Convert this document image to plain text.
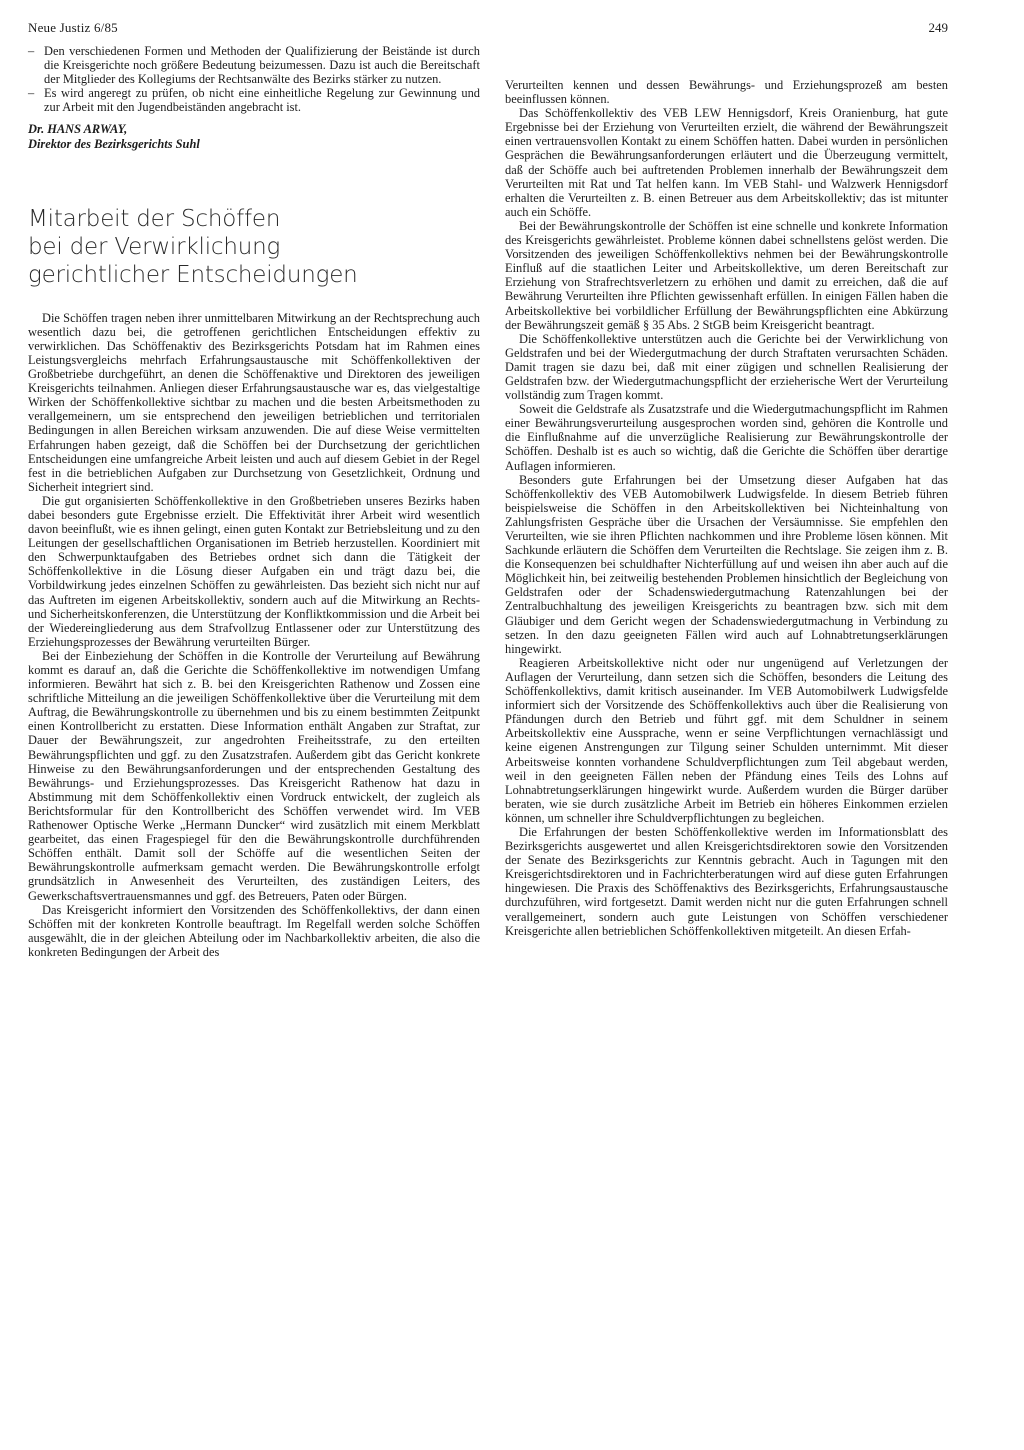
Neue Justiz 6/85	249
– Den verschiedenen Formen und Methoden der Qualifizierung der Beistände ist durch die Kreisgerichte noch größere Bedeutung beizumessen. Dazu ist auch die Bereitschaft der Mitglieder des Kollegiums der Rechtsanwälte des Bezirks stärker zu nutzen.
– Es wird angeregt zu prüfen, ob nicht eine einheitliche Regelung zur Gewinnung und zur Arbeit mit den Jugendbeiständen angebracht ist.
Dr. HANS ARWAY,
Direktor des Bezirksgerichts Suhl
Mitarbeit der Schöffen
bei der Verwirklichung
gerichtlicher Entscheidungen

Die Schöffen tragen neben ihrer unmittelbaren Mitwirkung an der Rechtsprechung auch wesentlich dazu bei, die getroffenen gerichtlichen Entscheidungen effektiv zu verwirklichen. Das Schöffenaktiv des Bezirksgerichts Potsdam hat im Rahmen eines Leistungsvergleichs mehrfach Erfahrungsaustausche mit Schöffenkollektiven der Großbetriebe durchgeführt, an denen die Schöffenaktive und Direktoren des jeweiligen Kreisgerichts teilnahmen. Anliegen dieser Erfahrungsaustausche war es, das vielgestaltige Wirken der Schöffenkollektive sichtbar zu machen und die besten Arbeitsmethoden zu verallgemeinern, um sie entsprechend den jeweiligen betrieblichen und territorialen Bedingungen in allen Bereichen wirksam anzuwenden. Die auf diese Weise vermittelten Erfahrungen haben gezeigt, daß die Schöffen bei der Durchsetzung der gerichtlichen Entscheidungen eine umfangreiche Arbeit leisten und auch auf diesem Gebiet in der Regel fest in die betrieblichen Aufgaben zur Durchsetzung von Gesetzlichkeit, Ordnung und Sicherheit integriert sind.

Die gut organisierten Schöffenkollektive in den Großbetrieben unseres Bezirks haben dabei besonders gute Ergebnisse erzielt. Die Effektivität ihrer Arbeit wird wesentlich davon beeinflußt, wie es ihnen gelingt, einen guten Kontakt zur Betriebsleitung und zu den Leitungen der gesellschaftlichen Organisationen im Betrieb herzustellen. Koordiniert mit den Schwerpunktaufgaben des Betriebes ordnet sich dann die Tätigkeit der Schöffenkollektive in die Lösung dieser Aufgaben ein und trägt dazu bei, die Vorbildwirkung jedes einzelnen Schöffen zu gewährleisten. Das bezieht sich nicht nur auf das Auftreten im eigenen Arbeitskollektiv, sondern auch auf die Mitwirkung an Rechts- und Sicherheitskonferenzen, die Unterstützung der Konfliktkommission und die Arbeit bei der Wiedereingliederung aus dem Strafvollzug Entlassener oder zur Unterstützung des Erziehungsprozesses der Bewährung verurteilten Bürger.

Bei der Einbeziehung der Schöffen in die Kontrolle der Verurteilung auf Bewährung kommt es darauf an, daß die Gerichte die Schöffenkollektive im notwendigen Umfang informieren. Bewährt hat sich z. B. bei den Kreisgerichten Rathenow und Zossen eine schriftliche Mitteilung an die jeweiligen Schöffenkollektive über die Verurteilung mit dem Auftrag, die Bewährungskontrolle zu übernehmen und bis zu einem bestimmten Zeitpunkt einen Kontrollbericht zu erstatten. Diese Information enthält Angaben zur Straftat, zur Dauer der Bewährungszeit, zur angedrohten Freiheitsstrafe, zu den erteilten Bewährungspflichten und ggf. zu den Zusatzstrafen. Außerdem gibt das Gericht konkrete Hinweise zu den Bewährungsanforderungen und der entsprechenden Gestaltung des Bewährungs- und Erziehungsprozesses. Das Kreisgericht Rathenow hat dazu in Abstimmung mit dem Schöffenkollektiv einen Vordruck entwickelt, der zugleich als Berichtsformular für den Kontrollbericht des Schöffen verwendet wird. Im VEB Rathenower Optische Werke „Hermann Duncker“ wird zusätzlich mit einem Merkblatt gearbeitet, das einen Fragespiegel für den die Bewährungskontrolle durchführenden Schöffen enthält. Damit soll der Schöffe auf die wesentlichen Seiten der Bewährungskontrolle aufmerksam gemacht werden. Die Bewährungskontrolle erfolgt grundsätzlich in Anwesenheit des Verurteilten, des zuständigen Leiters, des Gewerkschaftsvertrauensmannes und ggf. des Betreuers, Paten oder Bürgen.

Das Kreisgericht informiert den Vorsitzenden des Schöffenkollektivs, der dann einen Schöffen mit der konkreten Kontrolle beauftragt. Im Regelfall werden solche Schöffen ausgewählt, die in der gleichen Abteilung oder im Nachbarkollektiv arbeiten, die also die konkreten Bedingungen der Arbeit des

Verurteilten kennen und dessen Bewährungs- und Erziehungsprozeß am besten beeinflussen können.

Das Schöffenkollektiv des VEB LEW Hennigsdorf, Kreis Oranienburg, hat gute Ergebnisse bei der Erziehung von Verurteilten erzielt, die während der Bewährungszeit einen vertrauensvollen Kontakt zu einem Schöffen hatten. Dabei wurden in persönlichen Gesprächen die Bewährungsanforderungen erläutert und die Überzeugung vermittelt, daß der Schöffe auch bei auftretenden Problemen innerhalb der Bewährungszeit dem Verurteilten mit Rat und Tat helfen kann. Im VEB Stahl- und Walzwerk Hennigsdorf erhalten die Verurteilten z. B. einen Betreuer aus dem Arbeitskollektiv; das ist mitunter auch ein Schöffe.

Bei der Bewährungskontrolle der Schöffen ist eine schnelle und konkrete Information des Kreisgerichts gewährleistet. Probleme können dabei schnellstens gelöst werden. Die Vorsitzenden des jeweiligen Schöffenkollektivs nehmen bei der Bewährungskontrolle Einfluß auf die staatlichen Leiter und Arbeitskollektive, um deren Bereitschaft zur Erziehung von Strafrechtsverletzern zu erhöhen und damit zu erreichen, daß die auf Bewährung Verurteilten ihre Pflichten gewissenhaft erfüllen. In einigen Fällen haben die Arbeitskollektive bei vorbildlicher Erfüllung der Bewährungspflichten eine Abkürzung der Bewährungszeit gemäß § 35 Abs. 2 StGB beim Kreisgericht beantragt.

Die Schöffenkollektive unterstützen auch die Gerichte bei der Verwirklichung von Geldstrafen und bei der Wiedergutmachung der durch Straftaten verursachten Schäden. Damit tragen sie dazu bei, daß mit einer zügigen und schnellen Realisierung der Geldstrafen bzw. der Wiedergutmachungspflicht der erzieherische Wert der Verurteilung vollständig zum Tragen kommt.

Soweit die Geldstrafe als Zusatzstrafe und die Wiedergutmachungspflicht im Rahmen einer Bewährungsverurteilung ausgesprochen worden sind, gehören die Kontrolle und die Einflußnahme auf die unverzügliche Realisierung zur Bewährungskontrolle der Schöffen. Deshalb ist es auch so wichtig, daß die Gerichte die Schöffen über derartige Auflagen informieren.

Besonders gute Erfahrungen bei der Umsetzung dieser Aufgaben hat das Schöffenkollektiv des VEB Automobilwerk Ludwigsfelde. In diesem Betrieb führen beispielsweise die Schöffen in den Arbeitskollektiven bei Nichteinhaltung von Zahlungsfristen Gespräche über die Ursachen der Versäumnisse. Sie empfehlen den Verurteilten, wie sie ihren Pflichten nachkommen und ihre Probleme lösen können. Mit Sachkunde erläutern die Schöffen dem Verurteilten die Rechtslage. Sie zeigen ihm z. B. die Konsequenzen bei schuldhafter Nichterfüllung auf und weisen ihn aber auch auf die Möglichkeit hin, bei zeitweilig bestehenden Problemen hinsichtlich der Begleichung von Geldstrafen oder der Schadenswiedergutmachung Ratenzahlungen bei der Zentralbuchhaltung des jeweiligen Kreisgerichts zu beantragen bzw. sich mit dem Gläubiger und dem Gericht wegen der Schadenswiedergutmachung in Verbindung zu setzen. In den dazu geeigneten Fällen wird auch auf Lohnabtretungserklärungen hingewirkt.

Reagieren Arbeitskollektive nicht oder nur ungenügend auf Verletzungen der Auflagen der Verurteilung, dann setzen sich die Schöffen, besonders die Leitung des Schöffenkollektivs, damit kritisch auseinander. Im VEB Automobilwerk Ludwigsfelde informiert sich der Vorsitzende des Schöffenkollektivs auch über die Realisierung von Pfändungen durch den Betrieb und führt ggf. mit dem Schuldner in seinem Arbeitskollektiv eine Aussprache, wenn er seine Verpflichtungen vernachlässigt und keine eigenen Anstrengungen zur Tilgung seiner Schulden unternimmt. Mit dieser Arbeitsweise konnten vorhandene Schuldverpflichtungen zum Teil abgebaut werden, weil in den geeigneten Fällen neben der Pfändung eines Teils des Lohns auf Lohnabtretungserklärungen hingewirkt wurde. Außerdem wurden die Bürger darüber beraten, wie sie durch zusätzliche Arbeit im Betrieb ein höheres Einkommen erzielen können, um schneller ihre Schuldverpflichtungen zu begleichen.

Die Erfahrungen der besten Schöffenkollektive werden im Informationsblatt des Bezirksgerichts ausgewertet und allen Kreisgerichtsdirektoren sowie den Vorsitzenden der Senate des Bezirksgerichts zur Kenntnis gebracht. Auch in Tagungen mit den Kreisgerichtsdirektoren und in Fachrichterberatungen wird auf diese guten Erfahrungen hingewiesen. Die Praxis des Schöffenaktivs des Bezirksgerichts, Erfahrungsaustausche durchzuführen, wird fortgesetzt. Damit werden nicht nur die guten Erfahrungen schnell verallgemeinert, sondern auch gute Leistungen von Schöffen verschiedener Kreisgerichte allen betrieblichen Schöffenkollektiven mitgeteilt. An diesen Erfah-
